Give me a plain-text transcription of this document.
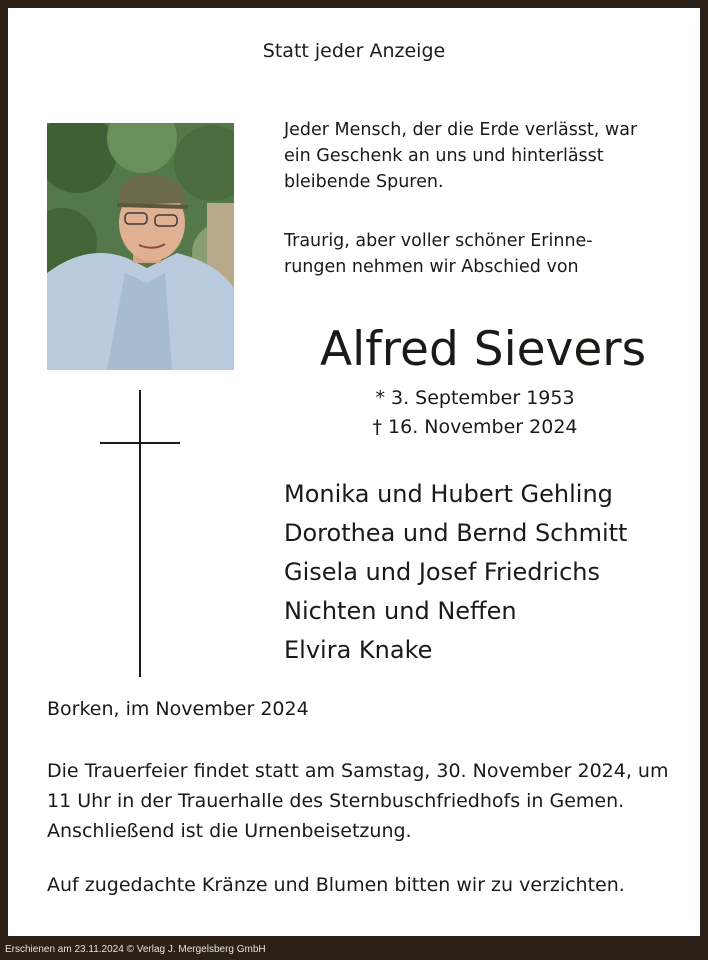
Statt jeder Anzeige
Jeder Mensch, der die Erde verlässt, war
ein Geschenk an uns und hinterlässt
bleibende Spuren.
Traurig, aber voller schöner Erinne-
rungen nehmen wir Abschied von
Alfred Sievers
* 3. September 1953
† 16. November 2024
Monika und Hubert Gehling
Dorothea und Bernd Schmitt
Gisela und Josef Friedrichs
Nichten und Neffen
Elvira Knake
Borken, im November 2024
Die Trauerfeier findet statt am Samstag, 30. November 2024, um
11 Uhr in der Trauerhalle des Sternbuschfriedhofs in Gemen.
Anschließend ist die Urnenbeisetzung.
Auf zugedachte Kränze und Blumen bitten wir zu verzichten.
Erschienen am 23.11.2024 © Verlag J. Mergelsberg GmbH
